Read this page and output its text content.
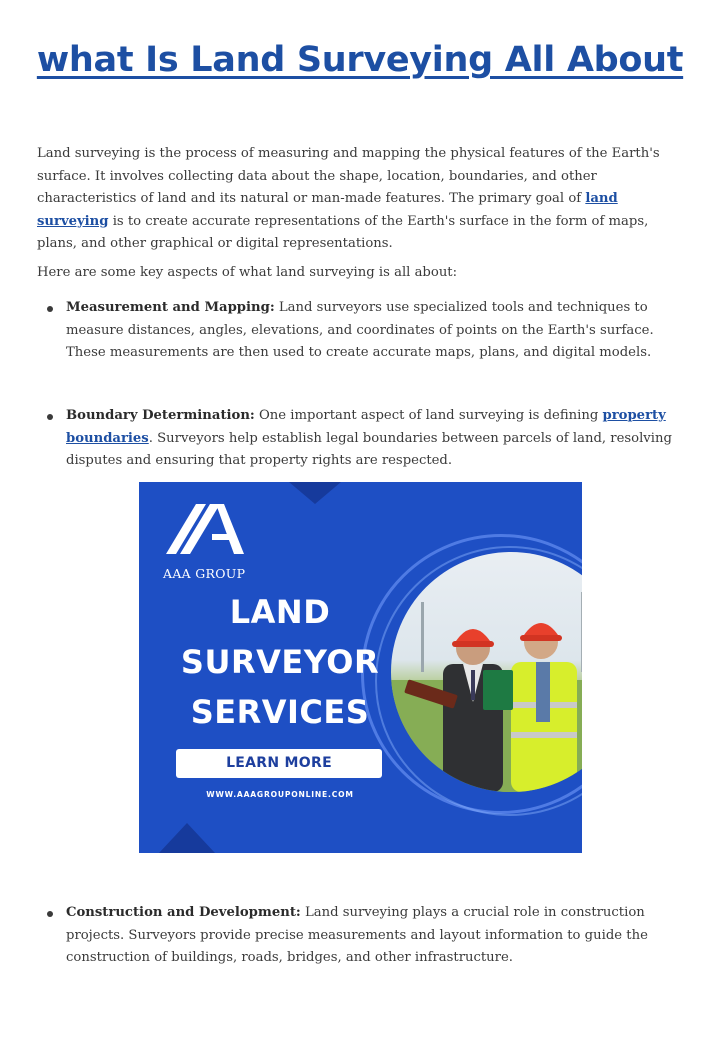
what Is Land Surveying All About

Land surveying is the process of measuring and mapping the physical features of the Earth's surface. It involves collecting data about the shape, location, boundaries, and other characteristics of land and its natural or man-made features. The primary goal of land surveying is to create accurate representations of the Earth's surface in the form of maps, plans, and other graphical or digital representations.

Here are some key aspects of what land surveying is all about:

Measurement and Mapping: Land surveyors use specialized tools and techniques to measure distances, angles, elevations, and coordinates of points on the Earth's surface. These measurements are then used to create accurate maps, plans, and digital models.

Boundary Determination: One important aspect of land surveying is defining property boundaries. Surveyors help establish legal boundaries between parcels of land, resolving disputes and ensuring that property rights are respected.

AAA GROUP
LAND
SURVEYOR
SERVICES
LEARN MORE
WWW.AAAGROUPONLINE.COM

Construction and Development: Land surveying plays a crucial role in construction projects. Surveyors provide precise measurements and layout information to guide the construction of buildings, roads, bridges, and other infrastructure.
